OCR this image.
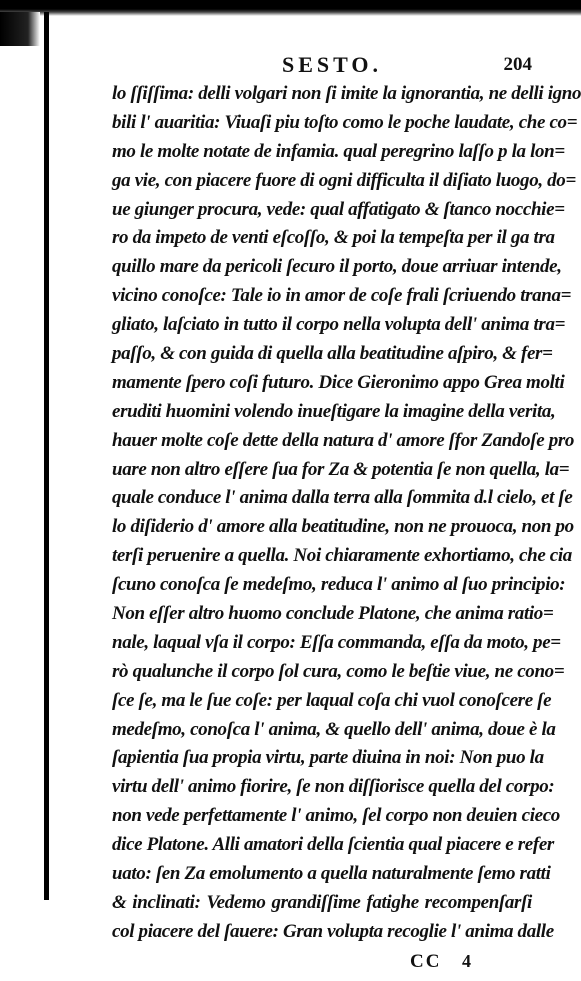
SESTO.	204
lo ſſiſſima: delli volgari non ſi imite la ignorantia, ne delli igno
bili l' auaritia: Viuaſi piu toſto como le poche laudate, che co=
mo le molte notate de infamia. qual peregrino laſſo p la lon=
ga vie, con piacere fuore di ogni difficulta il diſiato luogo, do=
ue giunger procura, vede: qual affatigato & ſtanco nocchie=
ro da impeto de venti eſcoſſo, & poi la tempeſta per il ga tra
quillo mare da pericoli ſecuro il porto, doue arriuar intende,
vicino conoſce: Tale io in amor de coſe frali ſcriuendo trana=
gliato, laſciato in tutto il corpo nella volupta dell' anima tra=
paſſo, & con guida di quella alla beatitudine aſpiro, & fer=
mamente ſpero coſi futuro. Dice Gieronimo appo Grea molti
eruditi huomini volendo inueſtigare la imagine della verita,
hauer molte coſe dette della natura d' amore ſfor Zandoſe pro
uare non altro eſſere ſua for Za & potentia ſe non quella, la=
quale conduce l' anima dalla terra alla ſommita d.l cielo, et ſe
lo diſiderio d' amore alla beatitudine, non ne prouoca, non po
terſi peruenire a quella. Noi chiaramente exhortiamo, che cia
ſcuno conoſca ſe medeſmo, reduca l' animo al ſuo principio:
Non eſſer altro huomo conclude Platone, che anima ratio=
nale, laqual vſa il corpo: Eſſa commanda, eſſa da moto, pe=
rò qualunche il corpo ſol cura, como le beſtie viue, ne cono=
ſce ſe, ma le ſue coſe: per laqual coſa chi vuol conoſcere ſe
medeſmo, conoſca l' anima, & quello dell' anima, doue è la
ſapientia ſua propia virtu, parte diuina in noi: Non puo la
virtu dell' animo fiorire, ſe non diſſiorisce quella del corpo:
non vede perfettamente l' animo, ſel corpo non deuien cieco
dice Platone. Alli amatori della ſcientia qual piacere e refer
uato: ſen Za emolumento a quella naturalmente ſemo ratti
& inclinati: Vedemo grandiſſime fatighe recompenſarſi
col piacere del ſauere: Gran volupta recoglie l' anima dalle
CC 4
